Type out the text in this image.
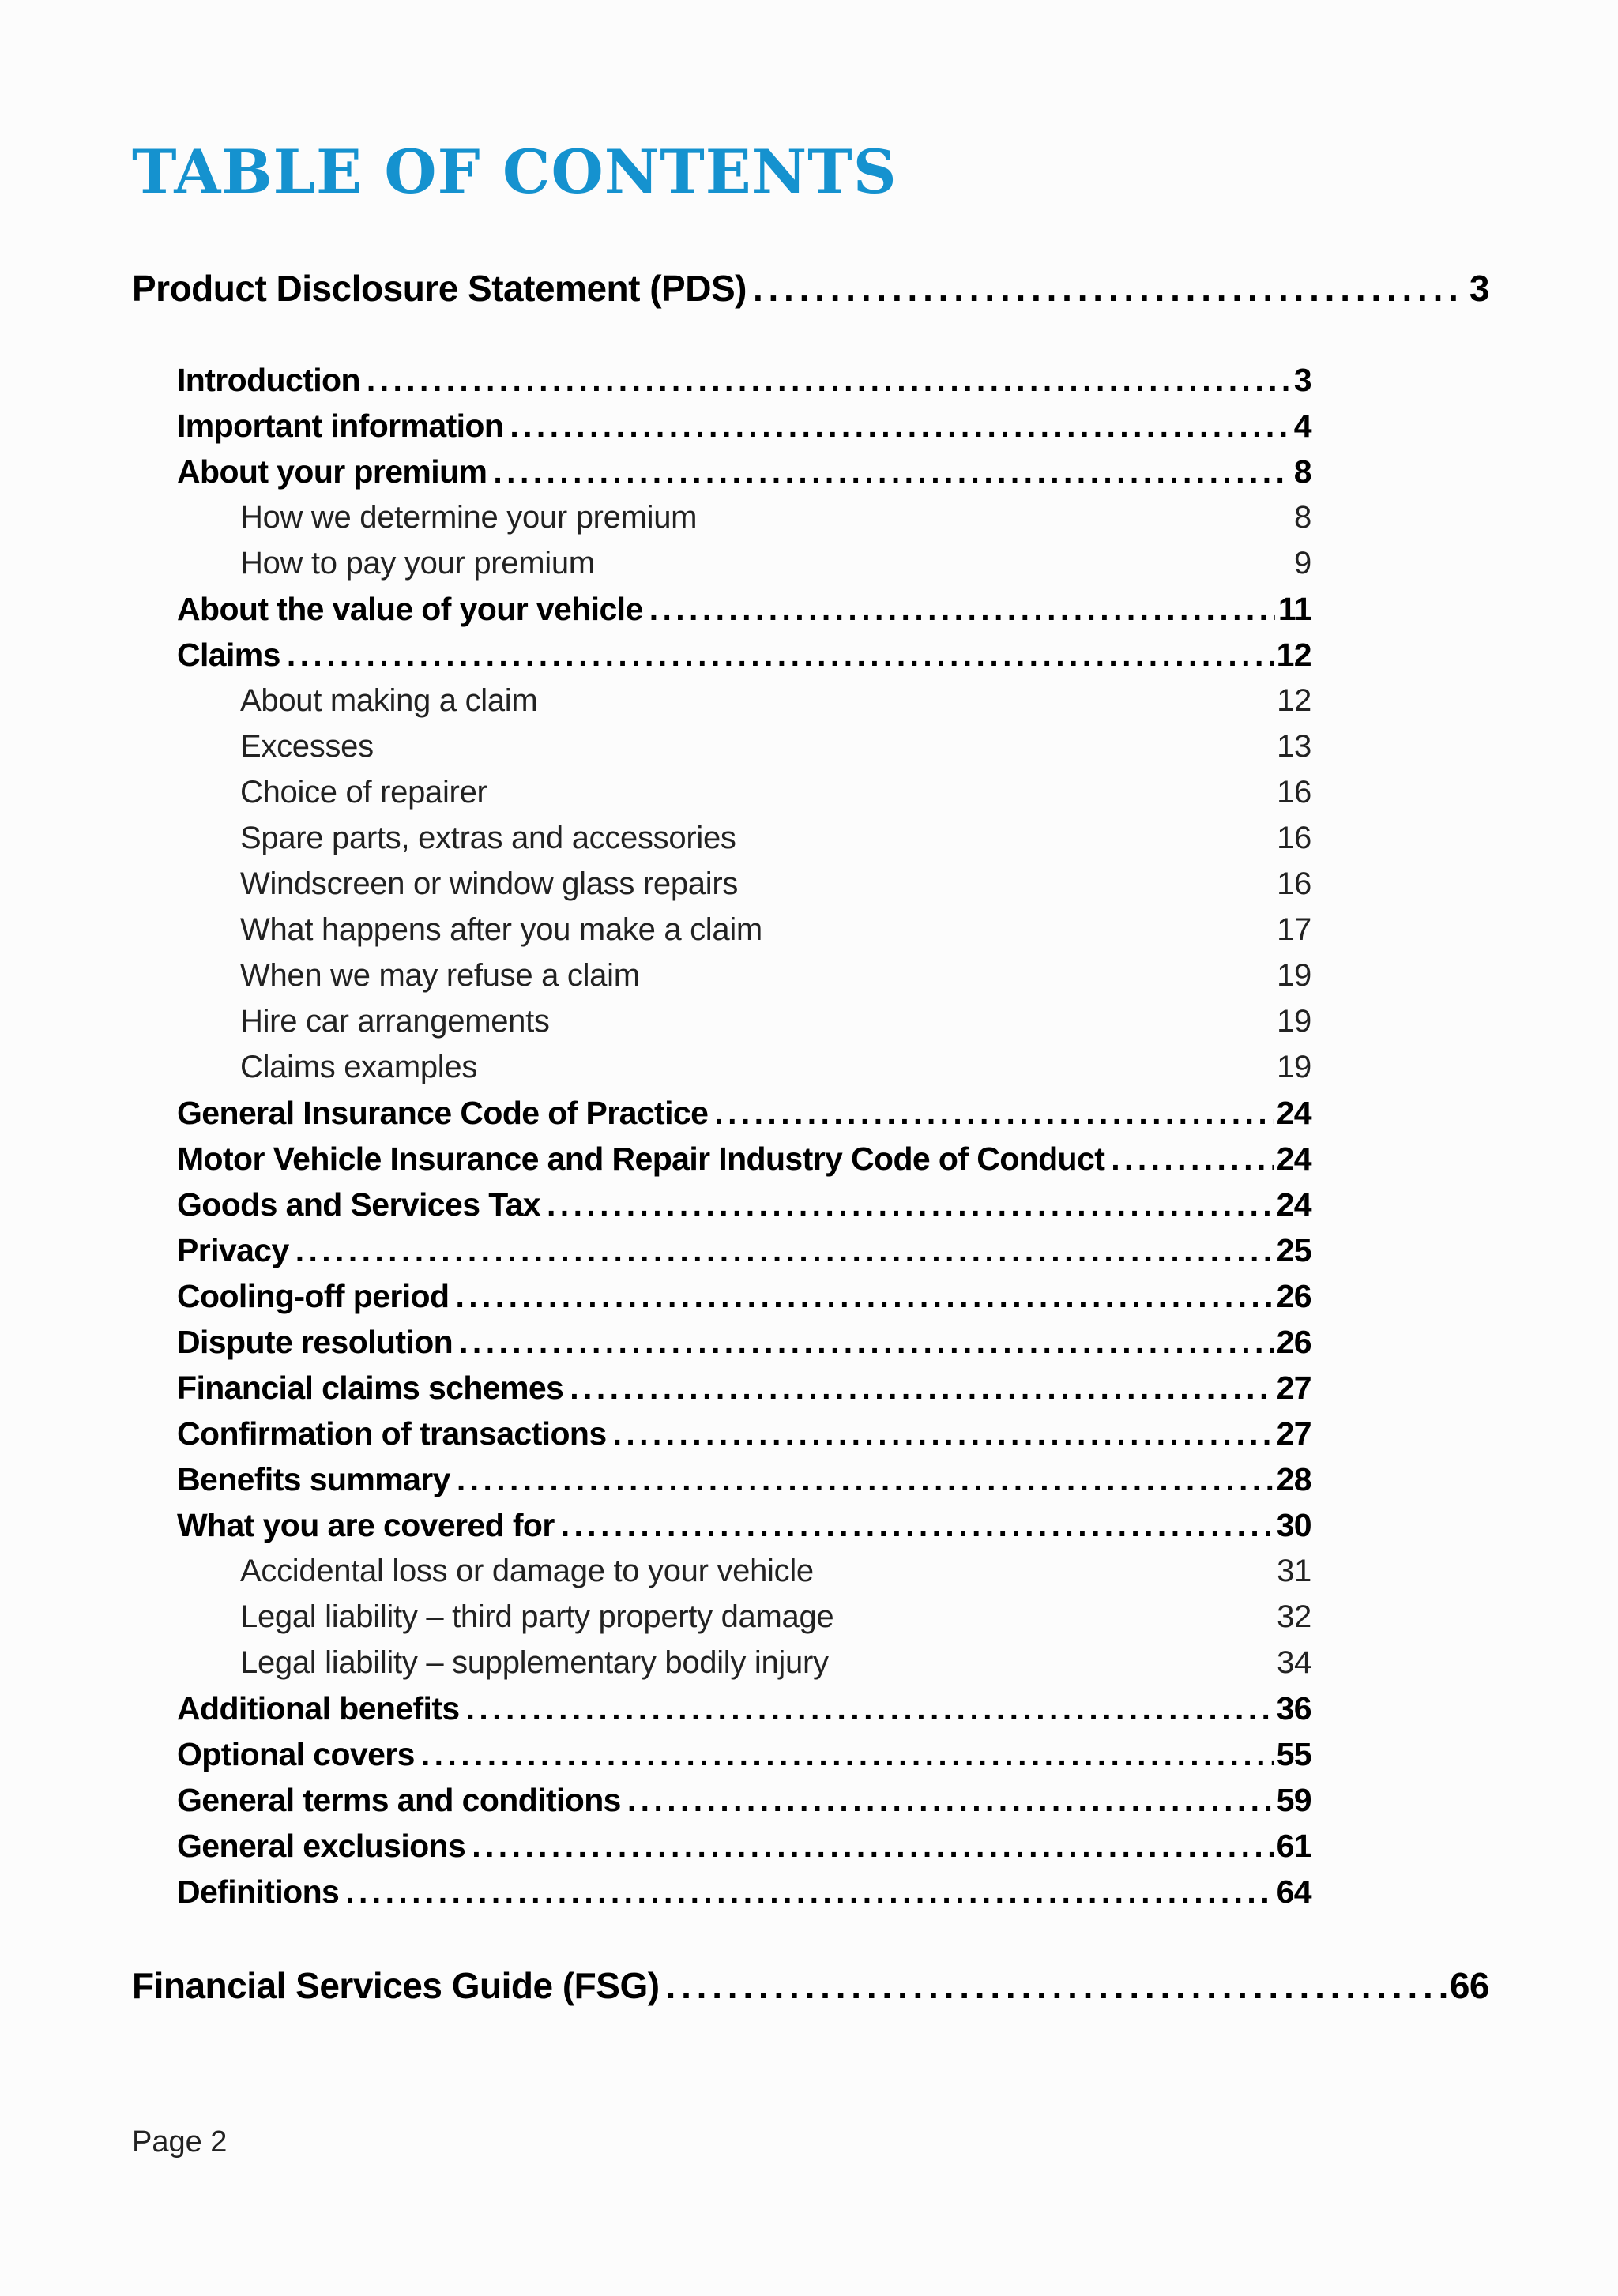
TABLE OF CONTENTS
Product Disclosure Statement (PDS) . . .	3
Introduction . . .	3
Important information . . .	4
About your premium . . .	8
How we determine your premium	8
How to pay your premium	9
About the value of your vehicle . . .	11
Claims . . .	12
About making a claim	12
Excesses	13
Choice of repairer	16
Spare parts, extras and accessories	16
Windscreen or window glass repairs	16
What happens after you make a claim	17
When we may refuse a claim	19
Hire car arrangements	19
Claims examples	19
General Insurance Code of Practice . . .	24
Motor Vehicle Insurance and Repair Industry Code of Conduct . . .	24
Goods and Services Tax . . .	24
Privacy . . .	25
Cooling-off period . . .	26
Dispute resolution . . .	26
Financial claims schemes . . .	27
Confirmation of transactions . . .	27
Benefits summary . . .	28
What you are covered for . . .	30
Accidental loss or damage to your vehicle	31
Legal liability – third party property damage	32
Legal liability – supplementary bodily injury	34
Additional benefits . . .	36
Optional covers . . .	55
General terms and conditions . . .	59
General exclusions . . .	61
Definitions . . .	64
Financial Services Guide (FSG) . . .	66
Page 2
